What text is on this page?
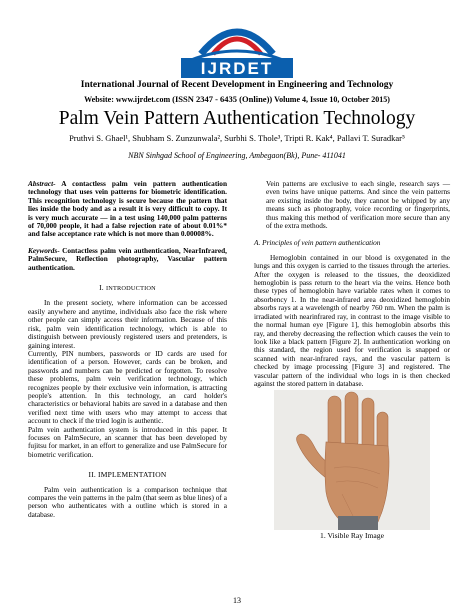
IJRDET
International Journal of Recent Development in Engineering and Technology
Website: www.ijrdet.com (ISSN 2347 - 6435 (Online)) Volume 4, Issue 10, October 2015)
Palm Vein Pattern Authentication Technology
Pruthvi S. Ghael¹, Shubham S. Zunzunwala², Surbhi S. Thole³, Tripti R. Kak⁴, Pallavi T. Suradkar⁵
NBN Sinhgad School of Engineering, Ambegaon(Bk), Pune- 411041

Abstract- A contactless palm vein pattern authentication technology that uses vein patterns for biometric identification. This recognition technology is secure because the pattern that lies inside the body and as a result it is very difficult to copy. It is very much accurate — in a test using 140,000 palm patterns of 70,000 people, it had a false rejection rate of about 0.01%* and false acceptance rate which is not more than 0.00008%.

Keywords- Contactless palm vein authentication, NearInfrared, PalmSecure, Reflection photography, Vascular pattern authentication.

I. INTRODUCTION

In the present society, where information can be accessed easily anywhere and anytime, individuals also face the risk where other people can simply access their information. Because of this risk, palm vein identification technology, which is able to distinguish between previously registered users and pretenders, is gaining interest.

Currently, PIN numbers, passwords or ID cards are used for identification of a person. However, cards can be broken, and passwords and numbers can be predicted or forgotten. To resolve these problems, palm vein verification technology, which recognizes people by their exclusive vein information, is attracting people's attention. In this technology, an card holder's characteristics or behavioral habits are saved in a database and then verified next time with users who may attempt to access that account to check if the tried login is authentic.

Palm vein authentication system is introduced in this paper. It focuses on PalmSecure, an scanner that has been developed by fujitsu for market, in an effort to generalize and use PalmSecure for biometric verification.

II. IMPLEMENTATION

Palm vein authentication is a comparison technique that compares the vein patterns in the palm (that seem as blue lines) of a person who authenticates with a outline which is stored in a database.

Vein patterns are exclusive to each single, research says — even twins have unique patterns. And since the vein patterns are existing inside the body, they cannot be whipped by any means such as photography, voice recording or fingerprints, thus making this method of verification more secure than any of the extra methods.

A. Principles of vein pattern authentication

Hemoglobin contained in our blood is oxygenated in the lungs and this oxygen is carried to the tissues through the arteries. After the oxygen is released to the tissues, the deoxidized hemoglobin is pass return to the heart via the veins. Hence both these types of hemoglobin have variable rates when it comes to absorbency 1. In the near-infrared area deoxidized hemoglobin absorbs rays at a wavelength of nearby 760 nm. When the palm is irradiated with nearinfrared ray, in contrast to the image visible to the normal human eye [Figure 1], this hemoglobin absorbs this ray, and thereby decreasing the reflection which causes the vein to look like a black pattern [Figure 2]. In authentication working on this standard, the region used for verification is snapped or scanned with near-infrared rays, and the vascular pattern is checked by image processing [Figure 3] and registered. The vascular pattern of the individual who logs in is then checked against the stored pattern in database.

1. Visible Ray Image
13
